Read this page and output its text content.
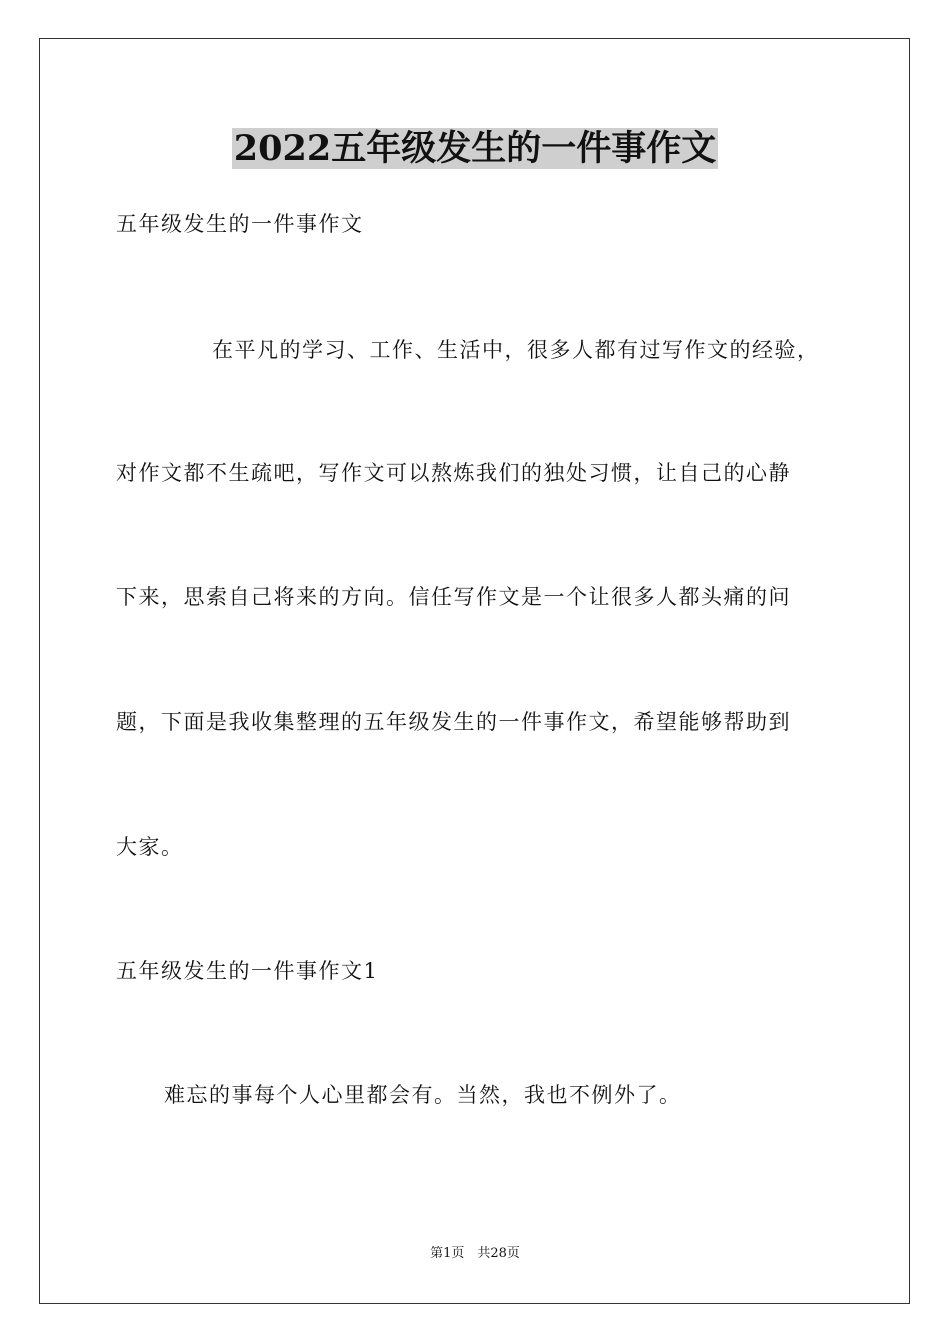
2022五年级发生的一件事作文

五年级发生的一件事作文

在平凡的学习、工作、生活中，很多人都有过写作文的经验，

对作文都不生疏吧，写作文可以熬炼我们的独处习惯，让自己的心静

下来，思索自己将来的方向。信任写作文是一个让很多人都头痛的问

题，下面是我收集整理的五年级发生的一件事作文，希望能够帮助到

大家。

五年级发生的一件事作文1

难忘的事每个人心里都会有。当然，我也不例外了。

第1页　共28页
